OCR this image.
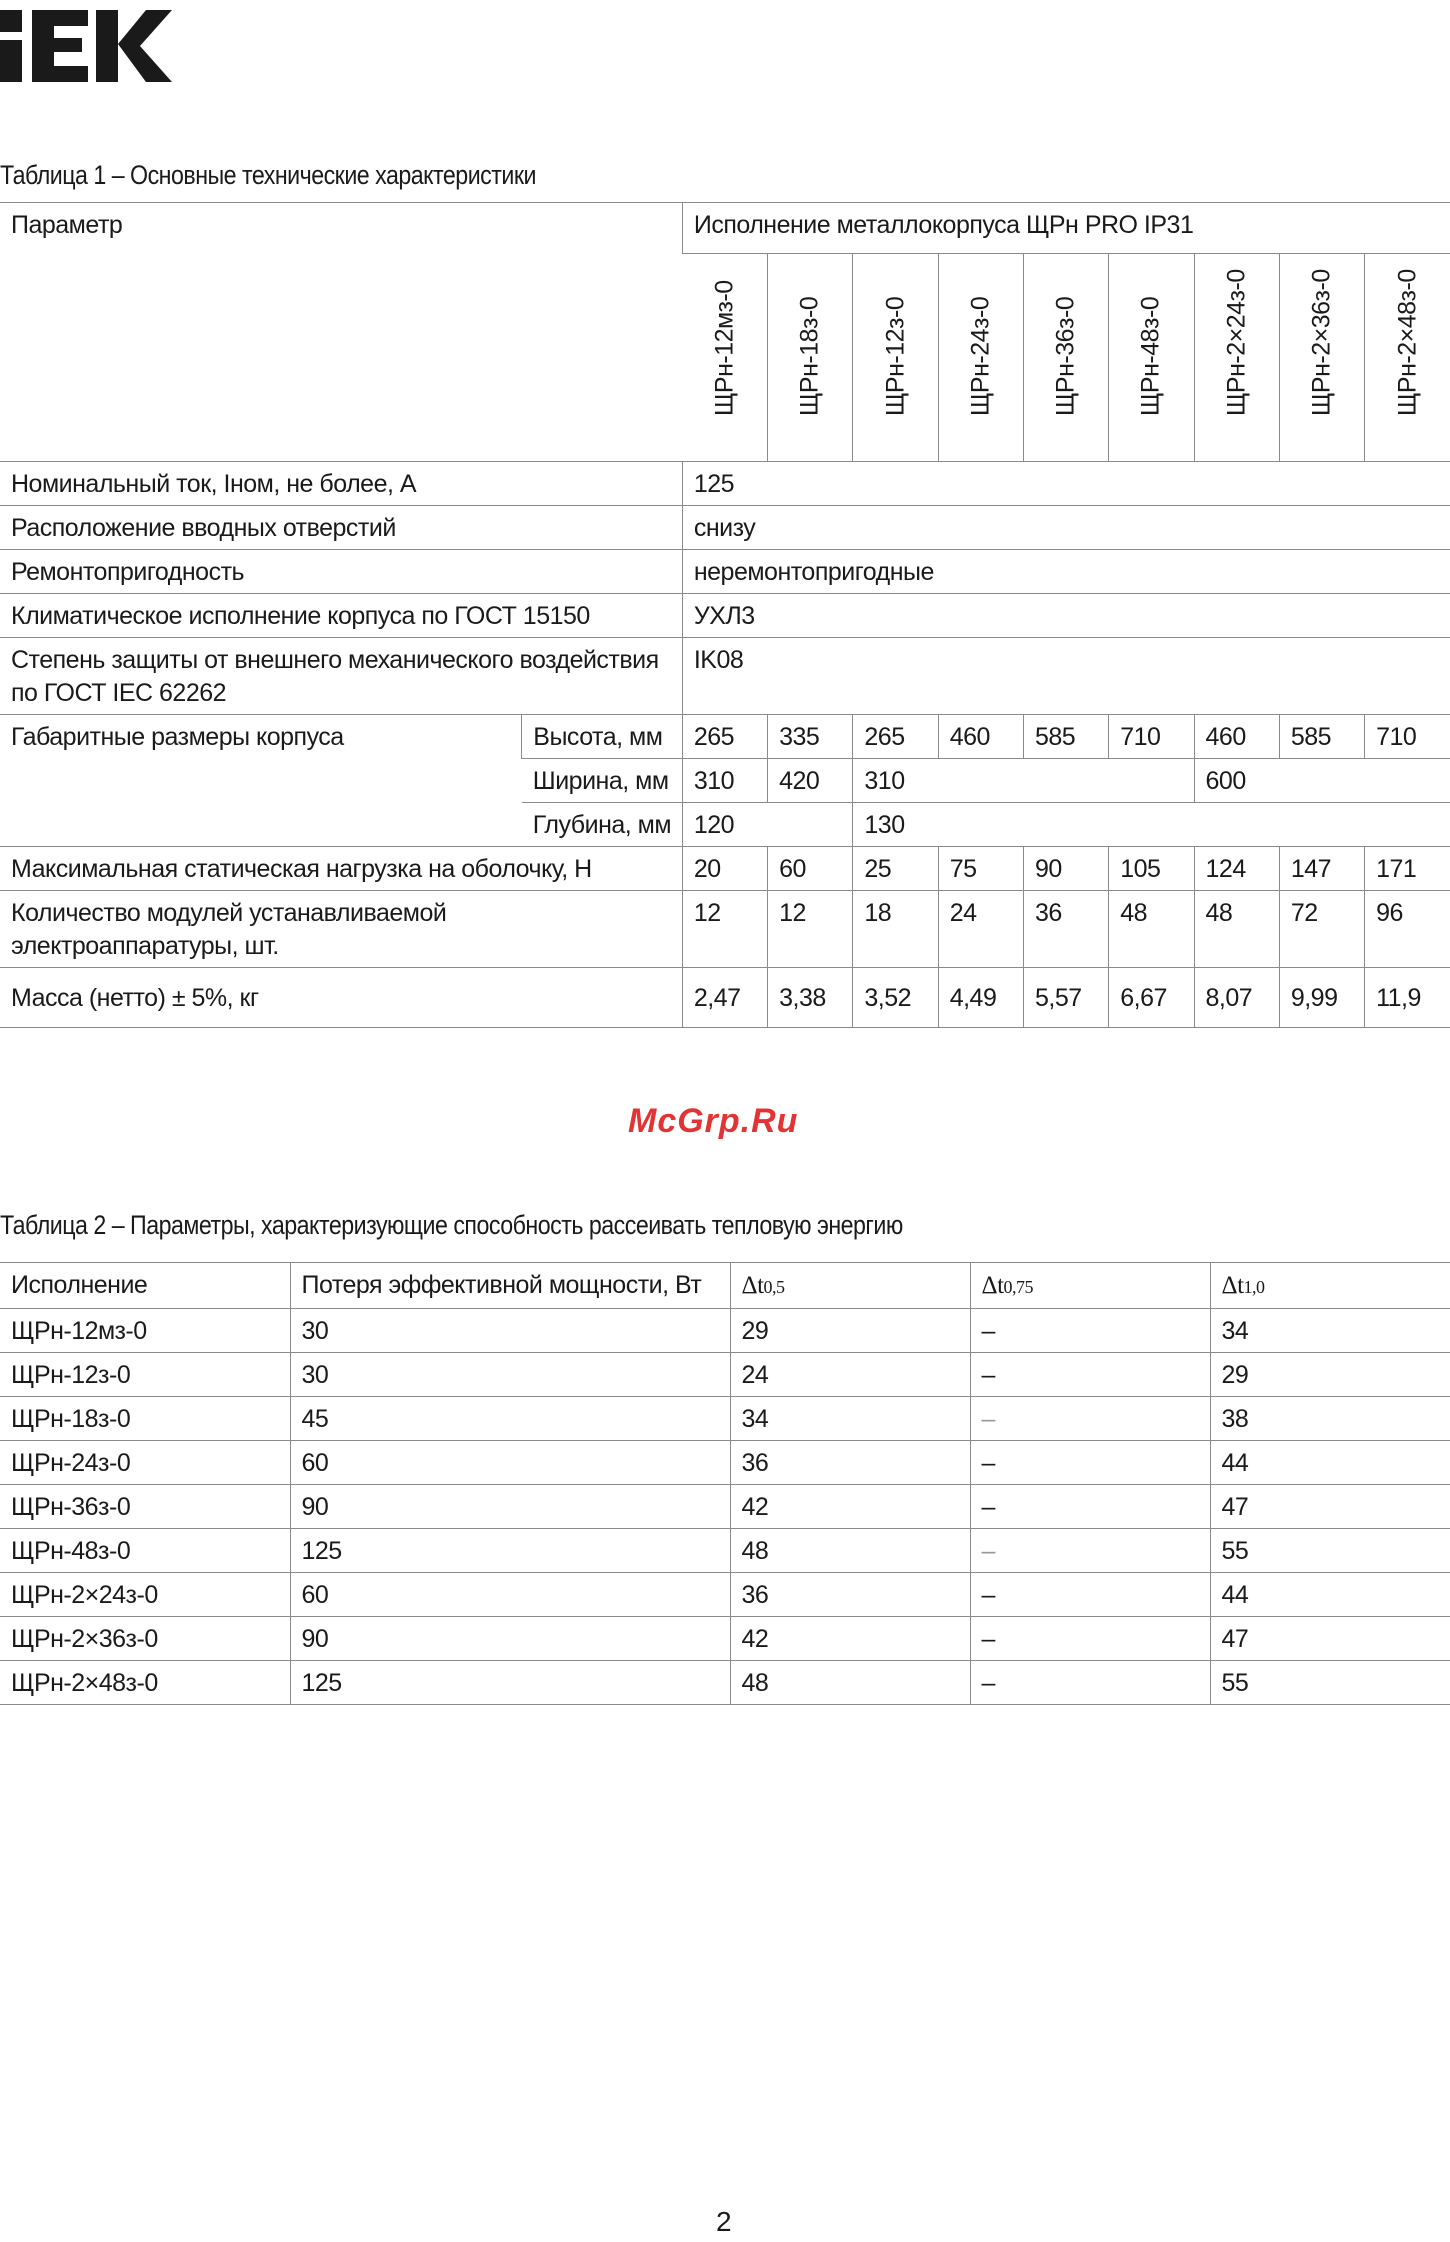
Таблица 1 – Основные технические характеристики
Параметр		Исполнение металлокорпуса ЩРн PRO IP31								

		ЩРн-12мз-0	ЩРн-18з-0	ЩРн-12з-0	ЩРн-24з-0	ЩРн-36з-0	ЩРн-48з-0	ЩРн-2×24з-0	ЩРн-2×36з-0	ЩРн-2×48з-0

Номинальный ток, Iном, не более, А		125								
Расположение вводных отверстий		снизу								
Ремонтопригодность		неремонтопригодные								
Климатическое исполнение корпуса по ГОСТ 15150		УХЛ3								
Степень защиты от внешнего механического воздействия по ГОСТ IEC 62262		IK08								
Габаритные размеры корпуса	Высота, мм	265	335	265	460	585	710	460	585	710
	Ширина, мм	310	420	310				600		
	Глубина, мм	120		130						
Максимальная статическая нагрузка на оболочку, Н		20	60	25	75	90	105	124	147	171
Количество модулей устанавливаемой электроаппаратуры, шт.		12	12	18	24	36	48	48	72	96
Масса (нетто) ± 5%, кг		2,47	3,38	3,52	4,49	5,57	6,67	8,07	9,99	11,9
McGrp.Ru
Таблица 2 – Параметры, характеризующие способность рассеивать тепловую энергию
Исполнение	Потеря эффективной мощности, Вт	Δt0,5	Δt0,75	Δt1,0
ЩРн-12мз-0	30	29	–	34
ЩРн-12з-0	30	24	–	29
ЩРн-18з-0	45	34	–	38
ЩРн-24з-0	60	36	–	44
ЩРн-36з-0	90	42	–	47
ЩРн-48з-0	125	48	–	55
ЩРн-2×24з-0	60	36	–	44
ЩРн-2×36з-0	90	42	–	47
ЩРн-2×48з-0	125	48	–	55
2
